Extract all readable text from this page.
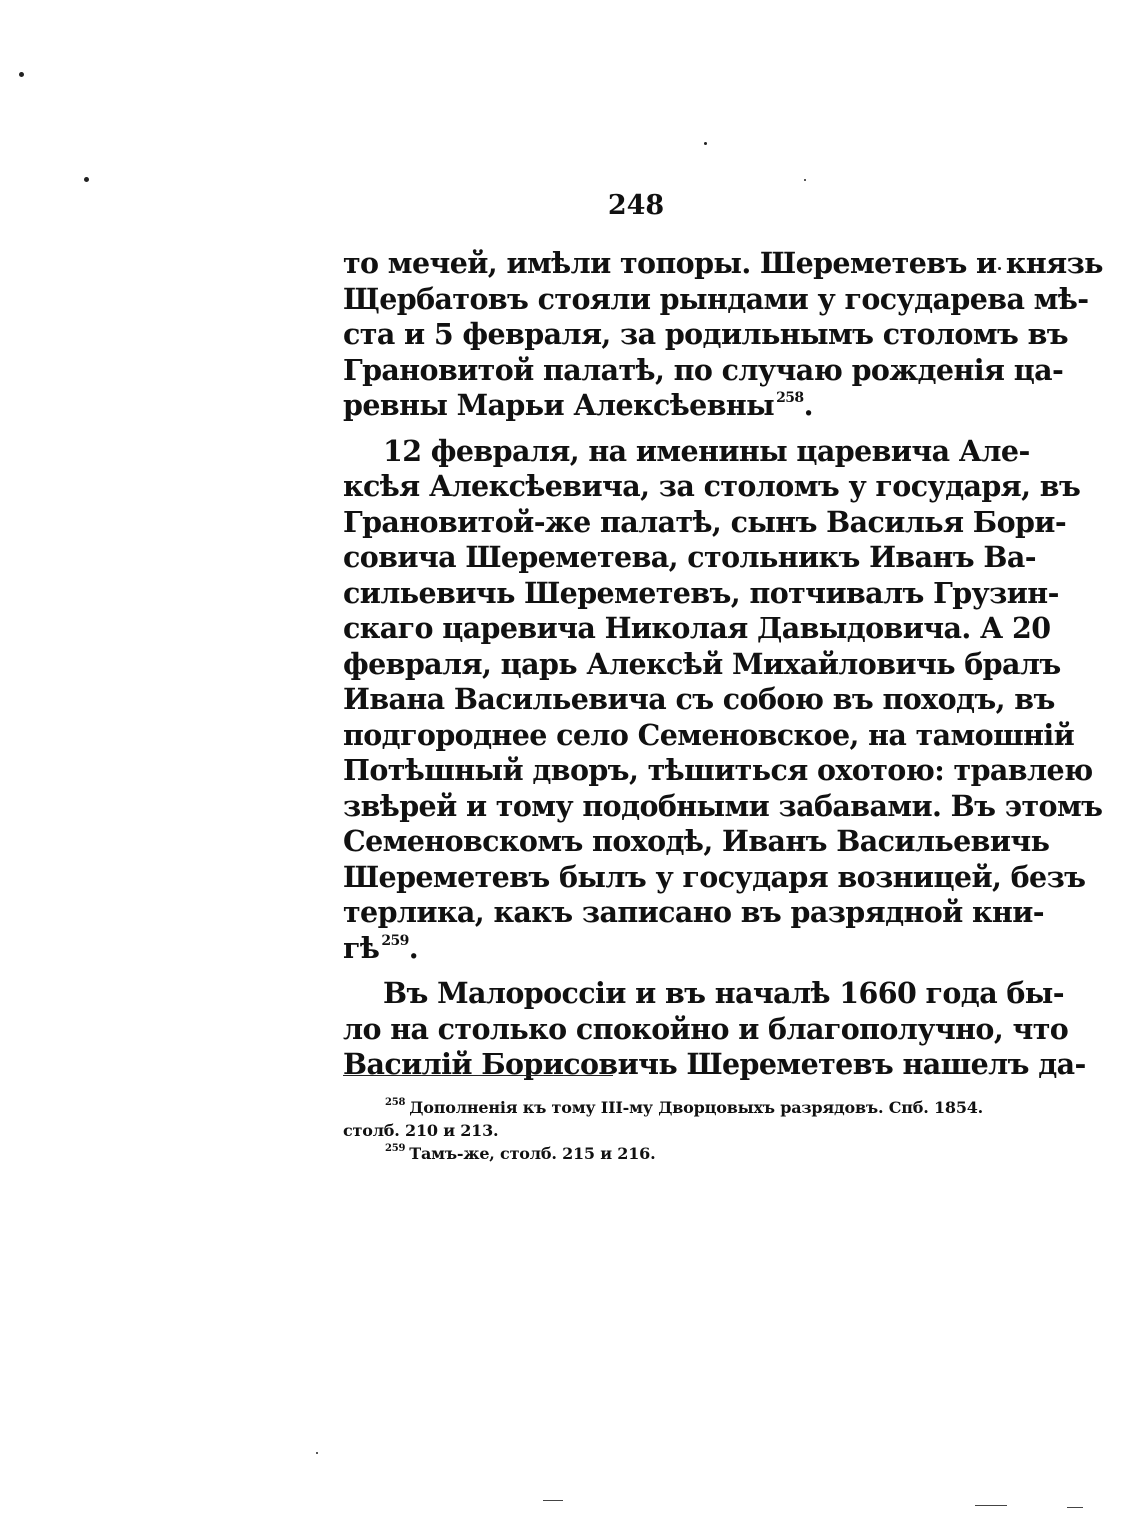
248
то мечей, имѣли топоры. Шереметевъ и князь
Щербатовъ стояли рындами у государева мѣ-
ста и 5 февраля, за родильнымъ столомъ въ
Грановитой палатѣ, по случаю рожденія ца-
ревны Марьи Алексѣевны $^{258}$.
12 февраля, на именины царевича Але-
ксѣя Алексѣевича, за столомъ у государя, въ
Грановитой-же палатѣ, сынъ Василья Бори-
совича Шереметева, стольникъ Иванъ Ва-
сильевичь Шереметевъ, потчивалъ Грузин-
скаго царевича Николая Давыдовича. А 20
февраля, царь Алексѣй Михайловичь бралъ
Ивана Васильевича съ собою въ походъ, въ
подгороднее село Семеновское, на тамошній
Потѣшный дворъ, тѣшиться охотою: травлею
звѣрей и тому подобными забавами. Въ этомъ
Семеновскомъ походѣ, Иванъ Васильевичь
Шереметевъ былъ у государя возницей, безъ
терлика, какъ записано въ разрядной кни-
гѣ $^{259}$.
Въ Малороссіи и въ началѣ 1660 года бы-
ло на столько спокойно и благополучно, что
Василій Борисовичь Шереметевъ нашелъ да-
$^{258}$ Дополненія къ тому III-му Дворцовыхъ разрядовъ. Спб. 1854.
столб. 210 и 213.
$^{259}$ Тамъ-же, столб. 215 и 216.
